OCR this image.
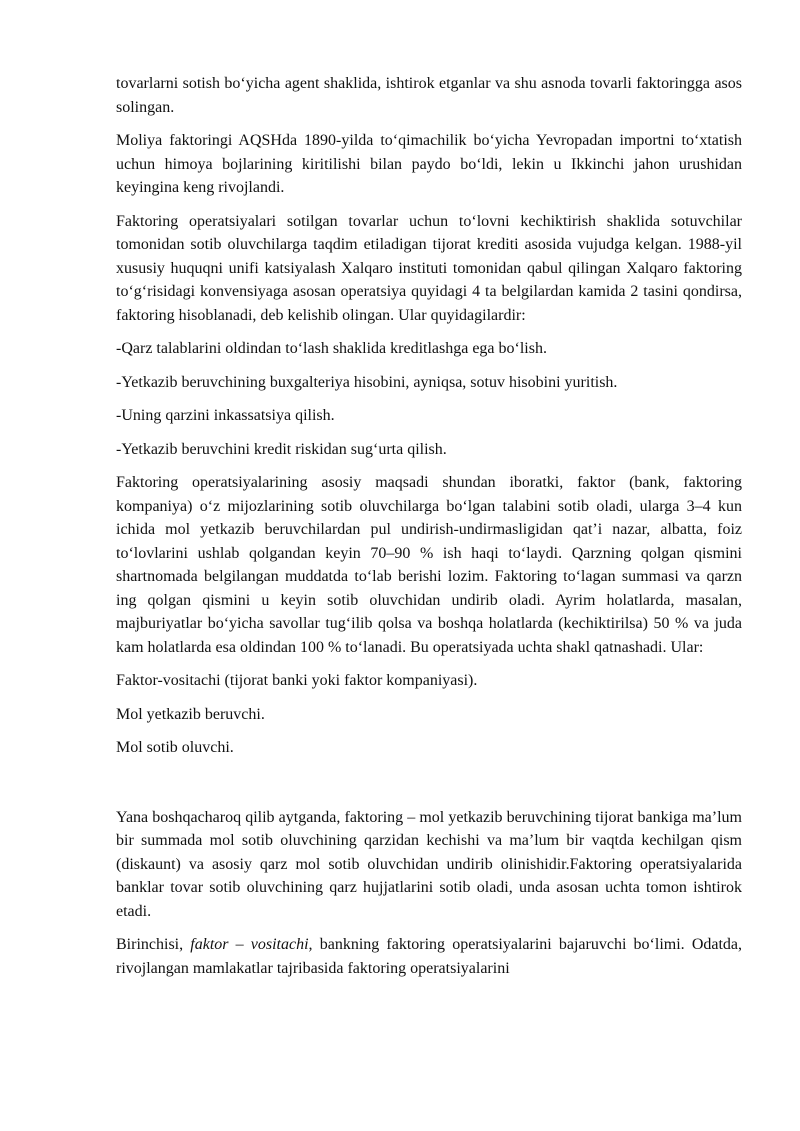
tovarlarni sotish bo‘yicha agent shaklida, ishtirok etganlar va shu asnoda tovarli faktoringga asos solingan.

Moliya faktoringi AQSHda 1890-yilda to‘qimachilik bo‘yicha Yevropadan importni to‘xtatish uchun himoya bojlarining kiritilishi bilan paydo bo‘ldi, lekin u Ikkinchi jahon urushidan keyingina keng rivojlandi.

Faktoring operatsiyalari sotilgan tovarlar uchun to‘lovni kechiktirish shaklida sotuvchilar tomonidan sotib oluvchilarga taqdim etiladigan tijorat krediti asosida vujudga kelgan. 1988-yil xususiy huquqni unifi katsiyalash Xalqaro instituti tomonidan qabul qilingan Xalqaro faktoring to‘g‘risidagi konvensiyaga asosan operatsiya quyidagi 4 ta belgilardan kamida 2 tasini qondirsa, faktoring hisoblanadi, deb kelishib olingan. Ular quyidagilardir:

-Qarz talablarini oldindan to‘lash shaklida kreditlashga ega bo‘lish.

-Yetkazib beruvchining buxgalteriya hisobini, ayniqsa, sotuv hisobini yuritish.

-Uning qarzini inkassatsiya qilish.

-Yetkazib beruvchini kredit riskidan sug‘urta qilish.

Faktoring operatsiyalarining asosiy maqsadi shundan iboratki, faktor (bank, faktoring kompaniya) o‘z mijozlarining sotib oluvchilarga bo‘lgan talabini sotib oladi, ularga 3–4 kun ichida mol yetkazib beruvchilardan pul undirish-undirmasligidan qat’i nazar, albatta, foiz to‘lovlarini ushlab qolgandan keyin 70–90 % ish haqi to‘laydi. Qarzning qolgan qismini shartnomada belgilangan muddatda to‘lab berishi lozim. Faktoring to‘lagan summasi va qarzn ing qolgan qismini u keyin sotib oluvchidan undirib oladi. Ayrim holatlarda, masalan, majburiyatlar bo‘yicha savollar tug‘ilib qolsa va boshqa holatlarda (kechiktirilsa) 50 % va juda kam holatlarda esa oldindan 100 % to‘lanadi. Bu operatsiyada uchta shakl qatnashadi. Ular:

Faktor-vositachi (tijorat banki yoki faktor kompaniyasi).

Mol yetkazib beruvchi.

Mol sotib oluvchi.

Yana boshqacharoq qilib aytganda, faktoring – mol yetkazib beruvchining tijorat bankiga ma’lum bir summada mol sotib oluvchining qarzidan kechishi va ma’lum bir vaqtda kechilgan qism (diskaunt) va asosiy qarz mol sotib oluvchidan undirib olinishidir.Faktoring operatsiyalarida banklar tovar sotib oluvchining qarz hujjatlarini sotib oladi, unda asosan uchta tomon ishtirok etadi.

Birinchisi, faktor – vositachi, bankning faktoring operatsiyalarini bajaruvchi bo‘limi. Odatda, rivojlangan mamlakatlar tajribasida faktoring operatsiyalarini
